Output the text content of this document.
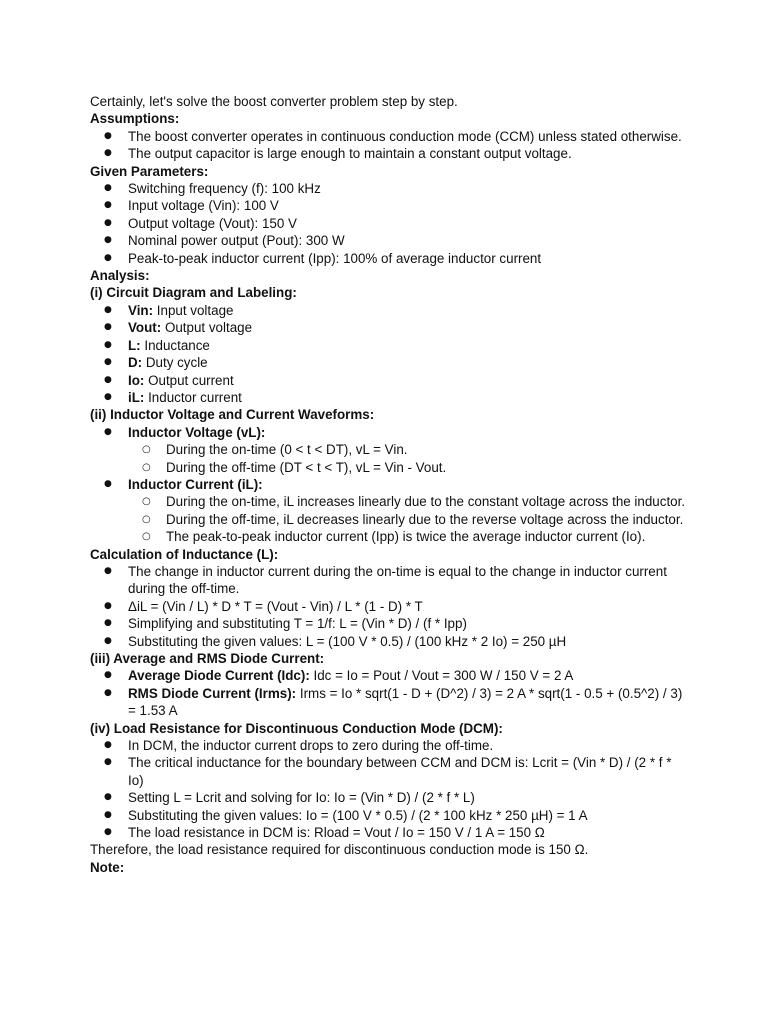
Certainly, let's solve the boost converter problem step by step.

Assumptions:

● The boost converter operates in continuous conduction mode (CCM) unless stated otherwise.
● The output capacitor is large enough to maintain a constant output voltage.

Given Parameters:

● Switching frequency (f): 100 kHz
● Input voltage (Vin): 100 V
● Output voltage (Vout): 150 V
● Nominal power output (Pout): 300 W
● Peak-to-peak inductor current (Ipp): 100% of average inductor current

Analysis:

(i) Circuit Diagram and Labeling:

● Vin: Input voltage
● Vout: Output voltage
● L: Inductance
● D: Duty cycle
● Io: Output current
● iL: Inductor current

(ii) Inductor Voltage and Current Waveforms:

● Inductor Voltage (vL):
○ During the on-time (0 < t < DT), vL = Vin.
○ During the off-time (DT < t < T), vL = Vin - Vout.
● Inductor Current (iL):
○ During the on-time, iL increases linearly due to the constant voltage across the inductor.
○ During the off-time, iL decreases linearly due to the reverse voltage across the inductor.
○ The peak-to-peak inductor current (Ipp) is twice the average inductor current (Io).

Calculation of Inductance (L):

● The change in inductor current during the on-time is equal to the change in inductor current during the off-time.
● ΔiL = (Vin / L) * D * T = (Vout - Vin) / L * (1 - D) * T
● Simplifying and substituting T = 1/f: L = (Vin * D) / (f * Ipp)
● Substituting the given values: L = (100 V * 0.5) / (100 kHz * 2 Io) = 250 µH

(iii) Average and RMS Diode Current:

● Average Diode Current (Idc): Idc = Io = Pout / Vout = 300 W / 150 V = 2 A
● RMS Diode Current (Irms): Irms = Io * sqrt(1 - D + (D^2) / 3) = 2 A * sqrt(1 - 0.5 + (0.5^2) / 3) = 1.53 A

(iv) Load Resistance for Discontinuous Conduction Mode (DCM):

● In DCM, the inductor current drops to zero during the off-time.
● The critical inductance for the boundary between CCM and DCM is: Lcrit = (Vin * D) / (2 * f * Io)
● Setting L = Lcrit and solving for Io: Io = (Vin * D) / (2 * f * L)
● Substituting the given values: Io = (100 V * 0.5) / (2 * 100 kHz * 250 µH) = 1 A
● The load resistance in DCM is: Rload = Vout / Io = 150 V / 1 A = 150 Ω

Therefore, the load resistance required for discontinuous conduction mode is 150 Ω.

Note:
